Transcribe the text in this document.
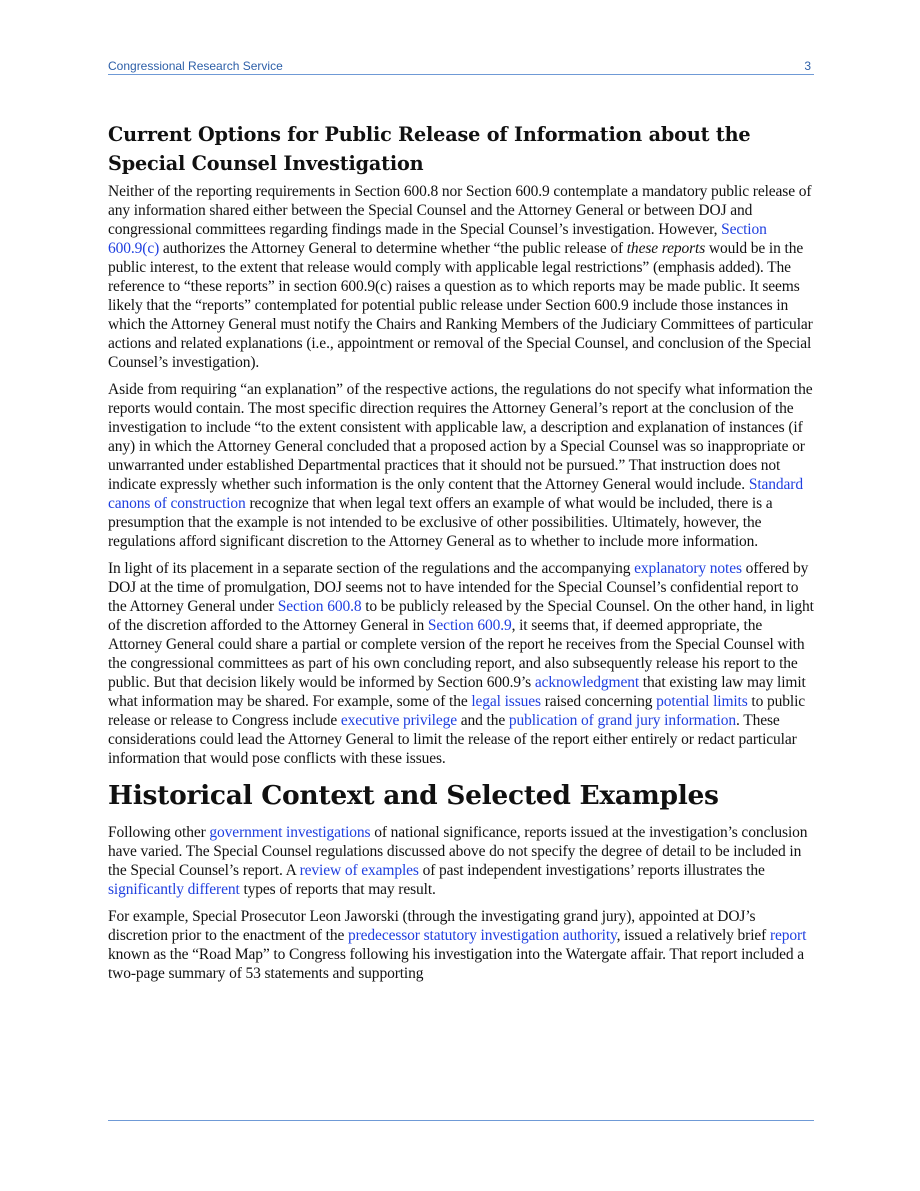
Congressional Research Service	3
Current Options for Public Release of Information about the Special Counsel Investigation

Neither of the reporting requirements in Section 600.8 nor Section 600.9 contemplate a mandatory public release of any information shared either between the Special Counsel and the Attorney General or between DOJ and congressional committees regarding findings made in the Special Counsel’s investigation. However, Section 600.9(c) authorizes the Attorney General to determine whether “the public release of these reports would be in the public interest, to the extent that release would comply with applicable legal restrictions” (emphasis added). The reference to “these reports” in section 600.9(c) raises a question as to which reports may be made public. It seems likely that the “reports” contemplated for potential public release under Section 600.9 include those instances in which the Attorney General must notify the Chairs and Ranking Members of the Judiciary Committees of particular actions and related explanations (i.e., appointment or removal of the Special Counsel, and conclusion of the Special Counsel’s investigation).

Aside from requiring “an explanation” of the respective actions, the regulations do not specify what information the reports would contain. The most specific direction requires the Attorney General’s report at the conclusion of the investigation to include “to the extent consistent with applicable law, a description and explanation of instances (if any) in which the Attorney General concluded that a proposed action by a Special Counsel was so inappropriate or unwarranted under established Departmental practices that it should not be pursued.” That instruction does not indicate expressly whether such information is the only content that the Attorney General would include. Standard canons of construction recognize that when legal text offers an example of what would be included, there is a presumption that the example is not intended to be exclusive of other possibilities. Ultimately, however, the regulations afford significant discretion to the Attorney General as to whether to include more information.

In light of its placement in a separate section of the regulations and the accompanying explanatory notes offered by DOJ at the time of promulgation, DOJ seems not to have intended for the Special Counsel’s confidential report to the Attorney General under Section 600.8 to be publicly released by the Special Counsel. On the other hand, in light of the discretion afforded to the Attorney General in Section 600.9, it seems that, if deemed appropriate, the Attorney General could share a partial or complete version of the report he receives from the Special Counsel with the congressional committees as part of his own concluding report, and also subsequently release his report to the public. But that decision likely would be informed by Section 600.9’s acknowledgment that existing law may limit what information may be shared. For example, some of the legal issues raised concerning potential limits to public release or release to Congress include executive privilege and the publication of grand jury information. These considerations could lead the Attorney General to limit the release of the report either entirely or redact particular information that would pose conflicts with these issues.

Historical Context and Selected Examples

Following other government investigations of national significance, reports issued at the investigation’s conclusion have varied. The Special Counsel regulations discussed above do not specify the degree of detail to be included in the Special Counsel’s report. A review of examples of past independent investigations’ reports illustrates the significantly different types of reports that may result.

For example, Special Prosecutor Leon Jaworski (through the investigating grand jury), appointed at DOJ’s discretion prior to the enactment of the predecessor statutory investigation authority, issued a relatively brief report known as the “Road Map” to Congress following his investigation into the Watergate affair. That report included a two-page summary of 53 statements and supporting
